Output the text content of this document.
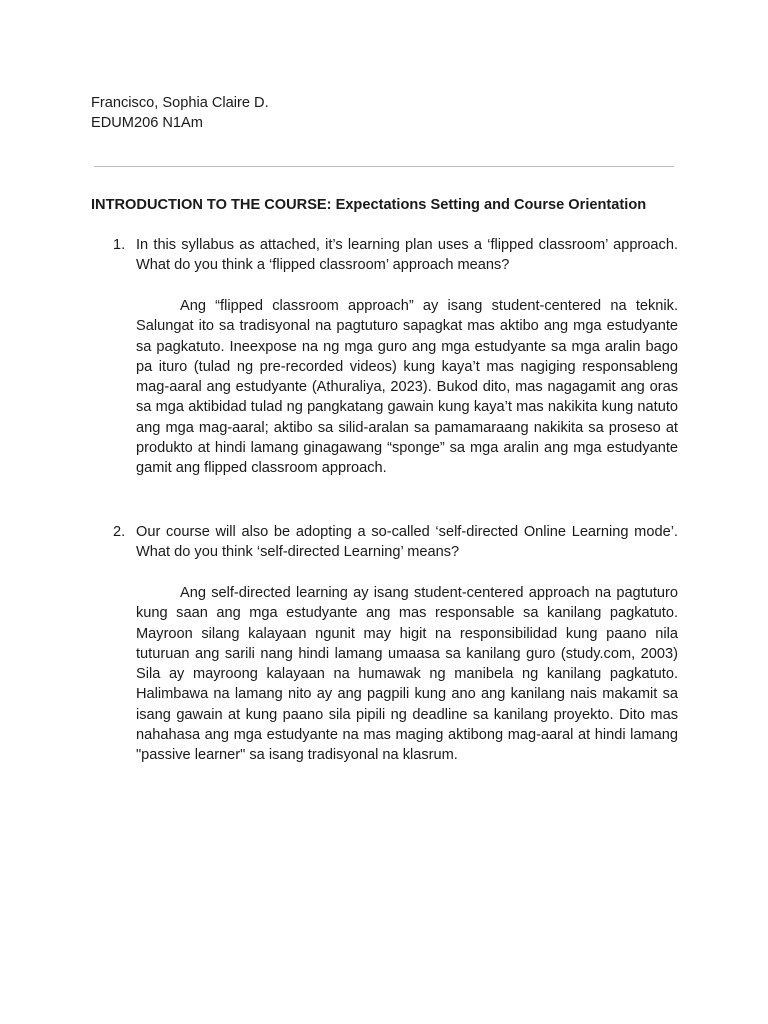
Francisco, Sophia Claire D.
EDUM206 N1Am
INTRODUCTION TO THE COURSE: Expectations Setting and Course Orientation
1. In this syllabus as attached, it’s learning plan uses a ‘flipped classroom’ approach. What do you think a ‘flipped classroom’ approach means?
Ang “flipped classroom approach” ay isang student-centered na teknik. Salungat ito sa tradisyonal na pagtuturo sapagkat mas aktibo ang mga estudyante sa pagkatuto. Ineexpose na ng mga guro ang mga estudyante sa mga aralin bago pa ituro (tulad ng pre-recorded videos) kung kaya’t mas nagiging responsableng mag-aaral ang estudyante (Athuraliya, 2023). Bukod dito, mas nagagamit ang oras sa mga aktibidad tulad ng pangkatang gawain kung kaya’t mas nakikita kung natuto ang mga mag-aaral; aktibo sa silid-aralan sa pamamaraang nakikita sa proseso at produkto at hindi lamang ginagawang “sponge” sa mga aralin ang mga estudyante gamit ang flipped classroom approach.
2. Our course will also be adopting a so-called ‘self-directed Online Learning mode’. What do you think ‘self-directed Learning’ means?
Ang self-directed learning ay isang student-centered approach na pagtuturo kung saan ang mga estudyante ang mas responsable sa kanilang pagkatuto. Mayroon silang kalayaan ngunit may higit na responsibilidad kung paano nila tuturuan ang sarili nang hindi lamang umaasa sa kanilang guro (study.com, 2003) Sila ay mayroong kalayaan na humawak ng manibela ng kanilang pagkatuto. Halimbawa na lamang nito ay ang pagpili kung ano ang kanilang nais makamit sa isang gawain at kung paano sila pipili ng deadline sa kanilang proyekto. Dito mas nahahasa ang mga estudyante na mas maging aktibong mag-aaral at hindi lamang "passive learner" sa isang tradisyonal na klasrum.
